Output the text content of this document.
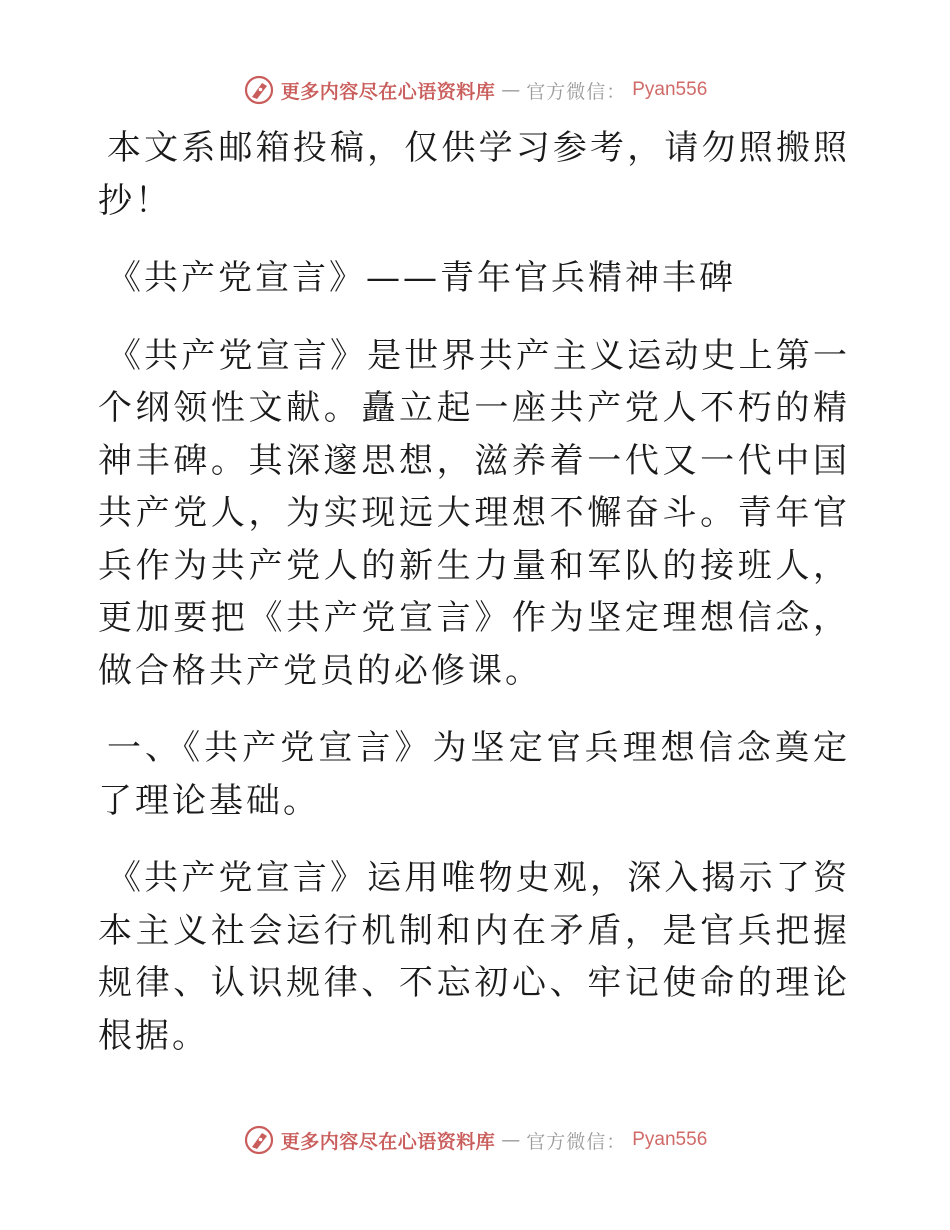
更多内容尽在心语资料库 — 官方微信： Pyan556

本文系邮箱投稿，仅供学习参考，请勿照搬照抄！

《共产党宣言》——青年官兵精神丰碑

《共产党宣言》是世界共产主义运动史上第一个纲领性文献。矗立起一座共产党人不朽的精神丰碑。其深邃思想，滋养着一代又一代中国共产党人，为实现远大理想不懈奋斗。青年官兵作为共产党人的新生力量和军队的接班人，更加要把《共产党宣言》作为坚定理想信念，做合格共产党员的必修课。

一、《共产党宣言》为坚定官兵理想信念奠定了理论基础。

《共产党宣言》运用唯物史观，深入揭示了资本主义社会运行机制和内在矛盾，是官兵把握规律、认识规律、不忘初心、牢记使命的理论根据。

更多内容尽在心语资料库 — 官方微信： Pyan556
